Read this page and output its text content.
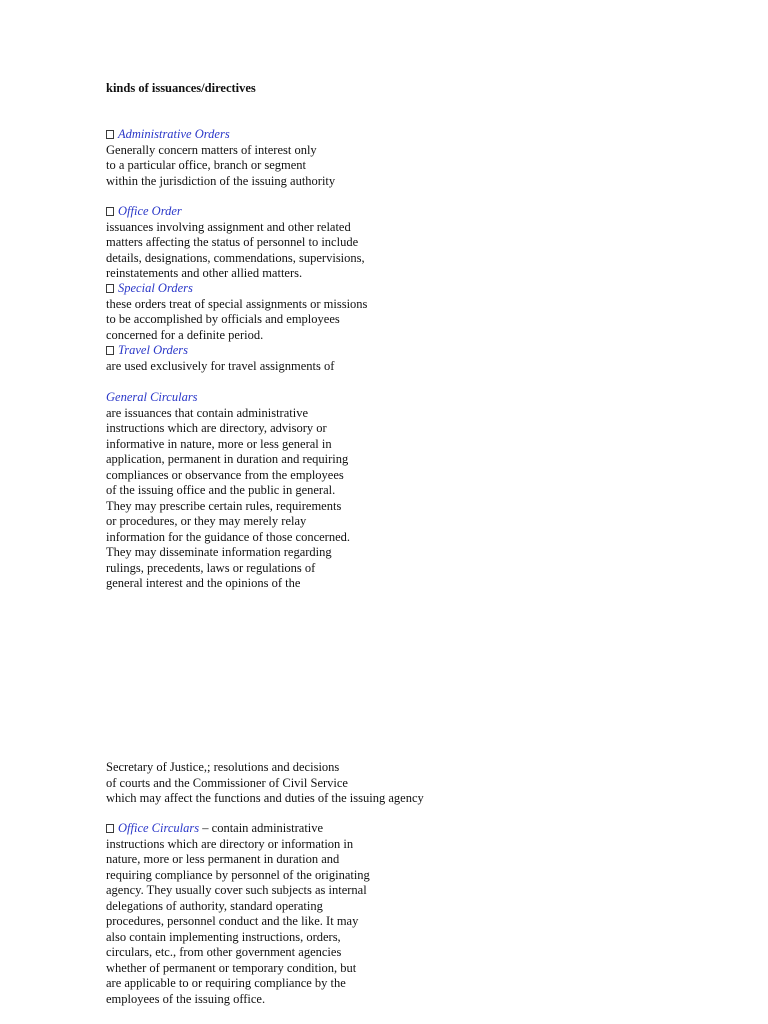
kinds of issuances/directives

Administrative Orders
Generally concern matters of interest only
to a particular office, branch or segment
within the jurisdiction of the issuing authority
Office Order
issuances involving assignment and other related
matters affecting the status of personnel to include
details, designations, commendations, supervisions,
reinstatements and other allied matters.
Special Orders
these orders treat of special assignments or missions
to be accomplished by officials and employees
concerned for a definite period.
Travel Orders
are used exclusively for travel assignments of
General Circulars
are issuances that contain administrative
instructions which are directory, advisory or
informative in nature, more or less general in
application, permanent in duration and requiring
compliances or observance from the employees
of the issuing office and the public in general.
They may prescribe certain rules, requirements
or procedures, or they may merely relay
information for the guidance of those concerned.
They may disseminate information regarding
rulings, precedents, laws or regulations of
general interest and the opinions of the
Secretary of Justice,; resolutions and decisions
of courts and the Commissioner of Civil Service
which may affect the functions and duties of the issuing agency
Office Circulars – contain administrative
instructions which are directory or information in
nature, more or less permanent in duration and
requiring compliance by personnel of the originating
agency. They usually cover such subjects as internal
delegations of authority, standard operating
procedures, personnel conduct and the like. It may
also contain implementing instructions, orders,
circulars, etc., from other government agencies
whether of permanent or temporary condition, but
are applicable to or requiring compliance by the
employees of the issuing office.
